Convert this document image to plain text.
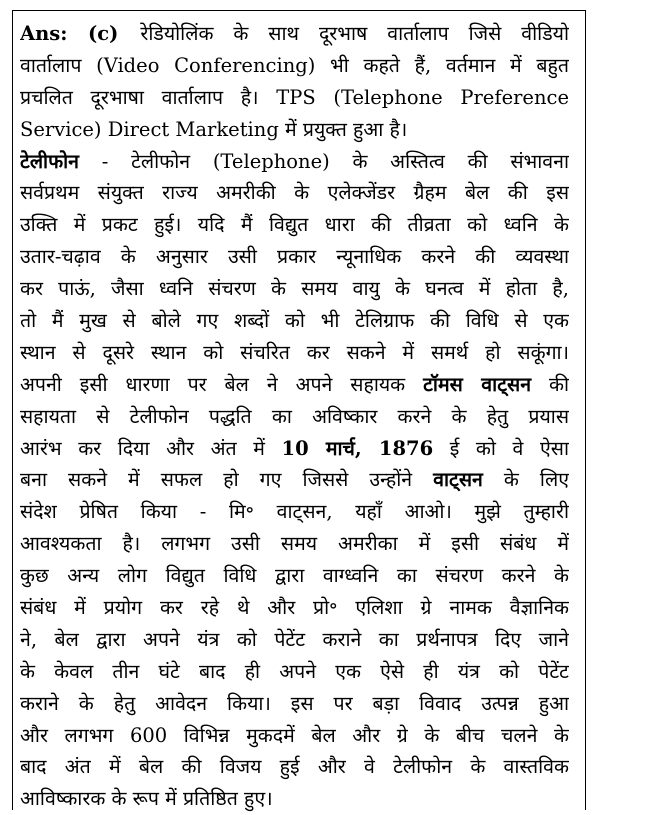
Ans: (c) रेडियोलिंक के साथ दूरभाष वार्तालाप जिसे वीडियो
वार्तालाप (Video Conferencing) भी कहते हैं, वर्तमान में बहुत
प्रचलित दूरभाषा वार्तालाप है। TPS (Telephone Preference
Service) Direct Marketing में प्रयुक्त हुआ है।
टेलीफोन - टेलीफोन (Telephone) के अस्तित्व की संभावना
सर्वप्रथम संयुक्त राज्य अमरीकी के एलेक्जेंडर ग्रैहम बेल की इस
उक्ति में प्रकट हुई। यदि मैं विद्युत धारा की तीव्रता को ध्वनि के
उतार-चढ़ाव के अनुसार उसी प्रकार न्यूनाधिक करने की व्यवस्था
कर पाऊं, जैसा ध्वनि संचरण के समय वायु के घनत्व में होता है,
तो मैं मुख से बोले गए शब्दों को भी टेलिग्राफ की विधि से एक
स्थान से दूसरे स्थान को संचरित कर सकने में समर्थ हो सकूंगा।
अपनी इसी धारणा पर बेल ने अपने सहायक टॉमस वाट्सन की
सहायता से टेलीफोन पद्धति का अविष्कार करने के हेतु प्रयास
आरंभ कर दिया और अंत में 10 मार्च, 1876 ई को वे ऐसा
बना सकने में सफल हो गए जिससे उन्होंने वाट्सन के लिए
संदेश प्रेषित किया - मि॰ वाट्सन, यहाँ आओ। मुझे तुम्हारी
आवश्यकता है। लगभग उसी समय अमरीका में इसी संबंध में
कुछ अन्य लोग विद्युत विधि द्वारा वाग्ध्वनि का संचरण करने के
संबंध में प्रयोग कर रहे थे और प्रो॰ एलिशा ग्रे नामक वैज्ञानिक
ने, बेल द्वारा अपने यंत्र को पेटेंट कराने का प्रर्थनापत्र दिए जाने
के केवल तीन घंटे बाद ही अपने एक ऐसे ही यंत्र को पेटेंट
कराने के हेतु आवेदन किया। इस पर बड़ा विवाद उत्पन्न हुआ
और लगभग 600 विभिन्न मुकदमें बेल और ग्रे के बीच चलने के
बाद अंत में बेल की विजय हुई और वे टेलीफोन के वास्तविक
आविष्कारक के रूप में प्रतिष्ठित हुए।
